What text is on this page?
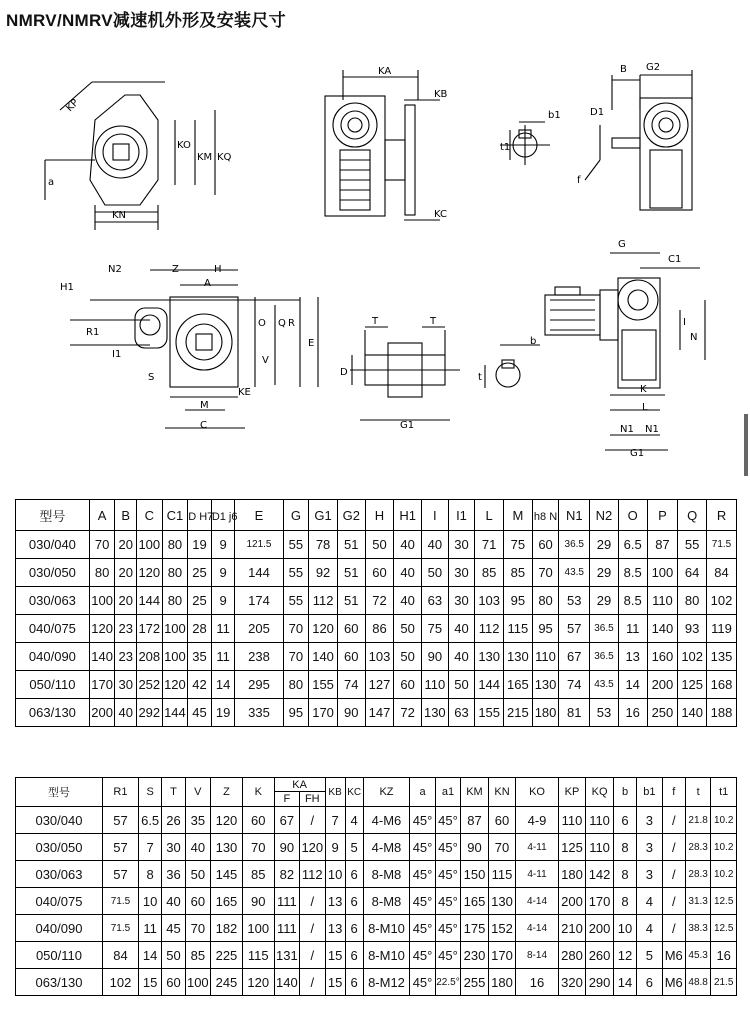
NMRV/NMRV减速机外形及安装尺寸
KP
KO
KM KQ
KN
a
KA
KB
KC
b1
t1
B G2
D1
f
H1
N2	Z	H
A
O Q R
E
R1
I1
S
V
KE
M
C
T	T
D
G1
b
t
G
C1
I
N
K
L
N1 N1
G1
型号	A	B	C	C1	D H7	D1 j6	E	G	G1	G2	H	H1	I	I1	L	M	h8 N	N1	N2	O	P	Q	R
030/040	70	20	100	80	19	9	121.5	55	78	51	50	40	40	30	71	75	60	36.5	29	6.5	87	55	71.5
030/050	80	20	120	80	25	9	144	55	92	51	60	40	50	30	85	85	70	43.5	29	8.5	100	64	84
030/063	100	20	144	80	25	9	174	55	112	51	72	40	63	30	103	95	80	53	29	8.5	110	80	102
040/075	120	23	172	100	28	11	205	70	120	60	86	50	75	40	112	115	95	57	36.5	11	140	93	119
040/090	140	23	208	100	35	11	238	70	140	60	103	50	90	40	130	130	110	67	36.5	13	160	102	135
050/110	170	30	252	120	42	14	295	80	155	74	127	60	110	50	144	165	130	74	43.5	14	200	125	168
063/130	200	40	292	144	45	19	335	95	170	90	147	72	130	63	155	215	180	81	53	16	250	140	188
型号	R1	S	T	V	Z	K	KA		KB	KC	KZ	a	a1	KM	KN	KO	KP	KQ	b	b1	f	t	t1
							F	FH															
030/040	57	6.5	26	35	120	60	67	/	7	4	4-M6	45°	45°	87	60	4-9	110	110	6	3	/	21.8	10.2
030/050	57	7	30	40	130	70	90	120	9	5	4-M8	45°	45°	90	70	4-11	125	110	8	3	/	28.3	10.2
030/063	57	8	36	50	145	85	82	112	10	6	8-M8	45°	45°	150	115	4-11	180	142	8	3	/	28.3	10.2
040/075	71.5	10	40	60	165	90	111	/	13	6	8-M8	45°	45°	165	130	4-14	200	170	8	4	/	31.3	12.5
040/090	71.5	11	45	70	182	100	111	/	13	6	8-M10	45°	45°	175	152	4-14	210	200	10	4	/	38.3	12.5
050/110	84	14	50	85	225	115	131	/	15	6	8-M10	45°	45°	230	170	8-14	280	260	12	5	M6	45.3	16
063/130	102	15	60	100	245	120	140	/	15	6	8-M12	45°	22.5°	255	180	16	320	290	14	6	M6	48.8	21.5
